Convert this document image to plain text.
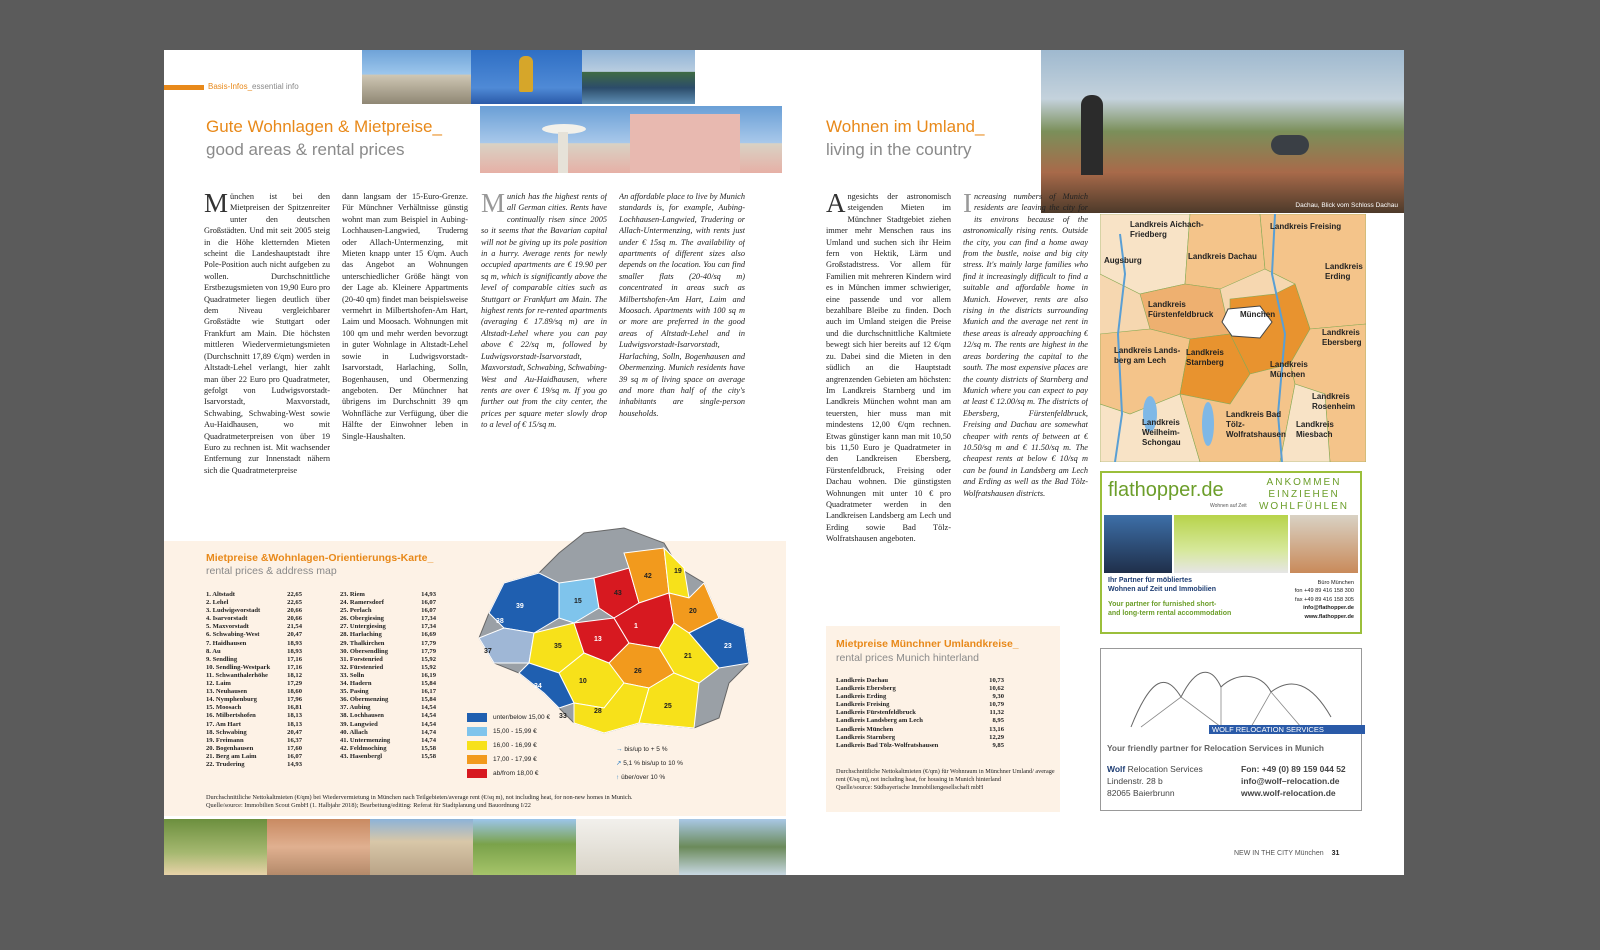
Basis-Infos_essential info
Gute Wohnlagen & Mietpreise_
good areas & rental prices
München ist bei den Mietpreisen der Spitzenreiter unter den deutschen Großstädten. Und mit seit 2005 steig in die Höhe kletternden Mieten scheint die Landeshauptstadt ihre Pole-Position auch nicht aufgeben zu wollen. Durchschnittliche Erstbezugsmieten von 19,90 Euro pro Quadratmeter liegen deutlich über dem Niveau vergleichbarer Großstädte wie Stuttgart oder Frankfurt am Main. Die höchsten mittleren Wiedervermietungsmieten (Durchschnitt 17,89 €/qm) werden in Altstadt-Lehel verlangt, hier zahlt man über 22 Euro pro Quadratmeter, gefolgt von Ludwigsvorstadt-Isarvorstadt, Maxvorstadt, Schwabing, Schwabing-West sowie Au-Haidhausen, wo mit Quadratmeterpreisen von über 19 Euro zu rechnen ist. Mit wachsender Entfernung zur Innenstadt nähern sich die Quadratmeterpreise
dann langsam der 15-Euro-Grenze. Für Münchner Verhältnisse günstig wohnt man zum Beispiel in Aubing-Lochhausen-Langwied, Truderng oder Allach-Untermenzing, mit Mieten knapp unter 15 €/qm. Auch das Angebot an Wohnungen unterschiedlicher Größe hängt von der Lage ab. Kleinere Appartments (20-40 qm) findet man beispielsweise vermehrt in Milbertshofen-Am Hart, Laim und Moosach. Wohnungen mit 100 qm und mehr werden bevorzugt in guter Wohnlage in Altstadt-Lehel sowie in Ludwigsvorstadt-Isarvorstadt, Harlaching, Solln, Bogenhausen, und Obermenzing angeboten. Der Münchner hat übrigens im Durchschnitt 39 qm Wohnfläche zur Verfügung, über die Hälfte der Einwohner leben in Single-Haushalten.
Munich has the highest rents of all German cities. Rents have continually risen since 2005 so it seems that the Bavarian capital will not be giving up its pole position in a hurry. Average rents for newly occupied apartments are € 19.90 per sq m, which is significantly above the level of comparable cities such as Stuttgart or Frankfurt am Main. The highest rents for re-rented apartments (averaging € 17.89/sq m) are in Altstadt-Lehel where you can pay above € 22/sq m, followed by Ludwigsvorstadt-Isarvorstadt, Maxvorstadt, Schwabing, Schwabing-West and Au-Haidhausen, where rents are over € 19/sq m. If you go further out from the city center, the prices per square meter slowly drop to a level of € 15/sq m.
An affordable place to live by Munich standards is, for example, Aubing-Lochhausen-Langwied, Trudering or Allach-Untermenzing, with rents just under € 15sq m. The availability of apartments of different sizes also depends on the location. You can find smaller flats (20-40/sq m) concentrated in areas such as Milbertshofen-Am Hart, Laim and Moosach. Apartments with 100 sq m or more are preferred in the good areas of Altstadt-Lehel and in Ludwigsvorstadt-Isarvorstadt, Harlaching, Solln, Bogenhausen and Obermenzing. Munich residents have 39 sq m of living space on average and more than half of the city's inhabitants are single-person households.
Mietpreise &Wohnlagen-Orientierungs-Karte_
rental prices & address map
1. Altstadt	22,65
2. Lehel	22,65
3. Ludwigsvorstadt	20,66
4. Isarvorstadt	20,66
5. Maxvorstadt	21,54
6. Schwabing-West	20,47
7. Haidhausen	18,93
8. Au	18,93
9. Sendling	17,16
10. Sendling-Westpark	17,16
11. Schwanthalerhöhe	18,12
12. Laim	17,29
13. Neuhausen	18,60
14. Nymphenburg	17,96
15. Moosach	16,81
16. Milbertshofen	18,13
17. Am Hart	18,13
18. Schwabing	20,47
19. Freimann	16,37
20. Bogenhausen	17,60
21. Berg am Laim	16,07
22. Trudering	14,93
23. Riem	14,93
24. Ramersdorf	16,07
25. Perlach	16,07
26. Obergiesing	17,34
27. Untergiesing	17,34
28. Harlaching	16,69
29. Thalkirchen	17,79
30. Obersendling	17,79
31. Forstenried	15,92
32. Fürstenried	15,92
33. Solln	16,19
34. Hadern	15,84
35. Pasing	16,17
36. Obermenzing	15,84
37. Aubing	14,54
38. Lochhausen	14,54
39. Langwied	14,54
40. Allach	14,74
41. Untermenzing	14,74
42. Feldmoching	15,58
43. Hasenbergl	15,58
39
38
37
15
43
42
19
35
13
1
20
23
21
26
10
34
28
25
33
unter/below 15,00 €
15,00 - 15,99 €
16,00 - 16,99 €
17,00 - 17,99 €
ab/from 18,00 €
→ bis/up to + 5 %
↗ 5,1 % bis/up to 10 %
↑ über/over 10 %
Durchschnittliche Nettokaltmieten (€/qm) bei Wiedervermietung in München nach Teilgebieten/average rent (€/sq m), not including heat, for non-new homes in Munich.
Quelle/source: Immobilien Scout GmbH (1. Halbjahr 2018); Bearbeitung/editing: Referat für Stadtplanung und Bauordnung I/22
Dachau, Blick vom Schloss Dachau
Wohnen im Umland_
living in the country
Angesichts der astronomisch steigenden Mieten im Münchner Stadtgebiet ziehen immer mehr Menschen raus ins Umland und suchen sich ihr Heim fern von Hektik, Lärm und Großstadtstress. Vor allem für Familien mit mehreren Kindern wird es in München immer schwieriger, eine passende und vor allem bezahlbare Bleibe zu finden. Doch auch im Umland steigen die Preise und die durchschnittliche Kaltmiete bewegt sich hier bereits auf 12 €/qm zu. Dabei sind die Mieten in den südlich an die Hauptstadt angrenzenden Gebieten am höchsten: Im Landkreis Starnberg und im Landkreis München wohnt man am teuersten, hier muss man mit mindestens 12,00 €/qm rechnen. Etwas günstiger kann man mit 10,50 bis 11,50 Euro je Quadratmeter in den Landkreisen Ebersberg, Fürstenfeldbruck, Freising oder Dachau wohnen. Die günstigsten Wohnungen mit unter 10 € pro Quadratmeter werden in den Landkreisen Landsberg am Lech und Erding sowie Bad Tölz-Wolfratshausen angeboten.
Increasing numbers of Munich residents are leaving the city for its environs because of the astronomically rising rents. Outside the city, you can find a home away from the bustle, noise and big city stress. It's mainly large families who find it increasingly difficult to find a suitable and affordable home in Munich. However, rents are also rising in the districts surrounding Munich and the average net rent in these areas is already approaching € 12/sq m. The rents are highest in the areas bordering the capital to the south. The most expensive places are the county districts of Starnberg and Munich where you can expect to pay at least € 12.00/sq m. The districts of Ebersberg, Fürstenfeldbruck, Freising and Dachau are somewhat cheaper with rents of between at € 10.50/sq m and € 11.50/sq m. The cheapest rents at below € 10/sq m can be found in Landsberg am Lech and Erding as well as the Bad Tölz-Wolfratshausen districts.
Landkreis Aichach-Friedberg
Landkreis Freising
Landkreis Dachau
Landkreis Erding
Augsburg
Landkreis Fürstenfeldbruck	München
Landkreis Ebersberg
Landkreis Lands-berg am Lech
Landkreis Starnberg	Landkreis München
Landkreis Weilheim-Schongau
Landkreis Bad Tölz-Wolfratshausen
Landkreis Miesbach
Landkreis Rosenheim
Mietpreise Münchner Umlandkreise_
rental prices Munich hinterland
Landkreis Dachau	10,73
Landkreis Ebersberg	10,62
Landkreis Erding	9,30
Landkreis Freising	10,79
Landkreis Fürstenfeldbruck	11,32
Landkreis Landsberg am Lech	8,95
Landkreis München	13,16
Landkreis Starnberg	12,29
Landkreis Bad Tölz-Wolfratshausen	9,85
Durchschnittliche Nettokaltmieten (€/qm) für Wohnraum in Münchner Umland/ average rent (€/sq m), not including heat, for housing in Munich hinterland
Quelle/source: Südbayerische Immobiliengesellschaft mbH
flathopper.de
Wohnen auf Zeit
ANKOMMEN
EINZIEHEN
WOHLFÜHLEN
Ihr Partner für möbliertes
Wohnen auf Zeit und Immobilien
Your partner for furnished short-
and long-term rental accommodation
Büro München
fon +49 89 416 158 300
fax +49 89 416 158 305
info@flathopper.de
www.flathopper.de
WOLF RELOCATION SERVICES
Your friendly partner for Relocation Services in Munich
Wolf Relocation Services
Lindenstr. 28 b
82065 Baierbrunn
Fon: +49 (0) 89 159 044 52
info@wolf–relocation.de
www.wolf-relocation.de
NEW IN THE CITY München 31
